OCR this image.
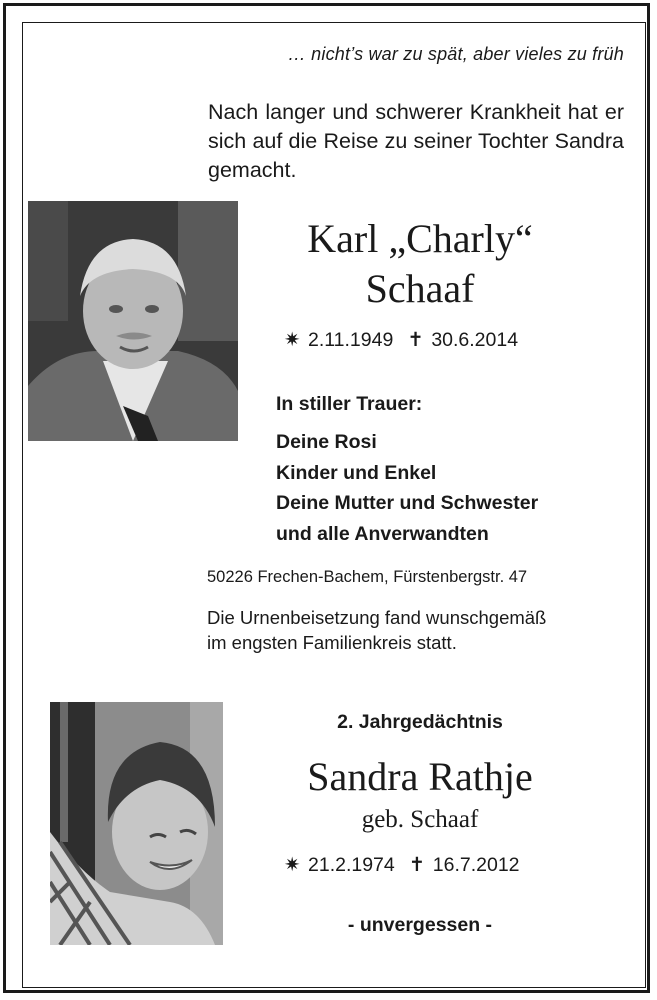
… nicht’s war zu spät, aber vieles zu früh
Nach langer und schwerer Krankheit hat er sich auf die Reise zu seiner Tochter Sandra gemacht.
Karl „Charly“
Schaaf
✷ 2.11.1949 ✝ 30.6.2014
In stiller Trauer:
Deine Rosi
Kinder und Enkel
Deine Mutter und Schwester
und alle Anverwandten
50226 Frechen-Bachem, Fürstenbergstr. 47
Die Urnenbeisetzung fand wunschgemäß
im engsten Familienkreis statt.
2. Jahrgedächtnis
Sandra Rathje
geb. Schaaf
✷ 21.2.1974 ✝ 16.7.2012
- unvergessen -
